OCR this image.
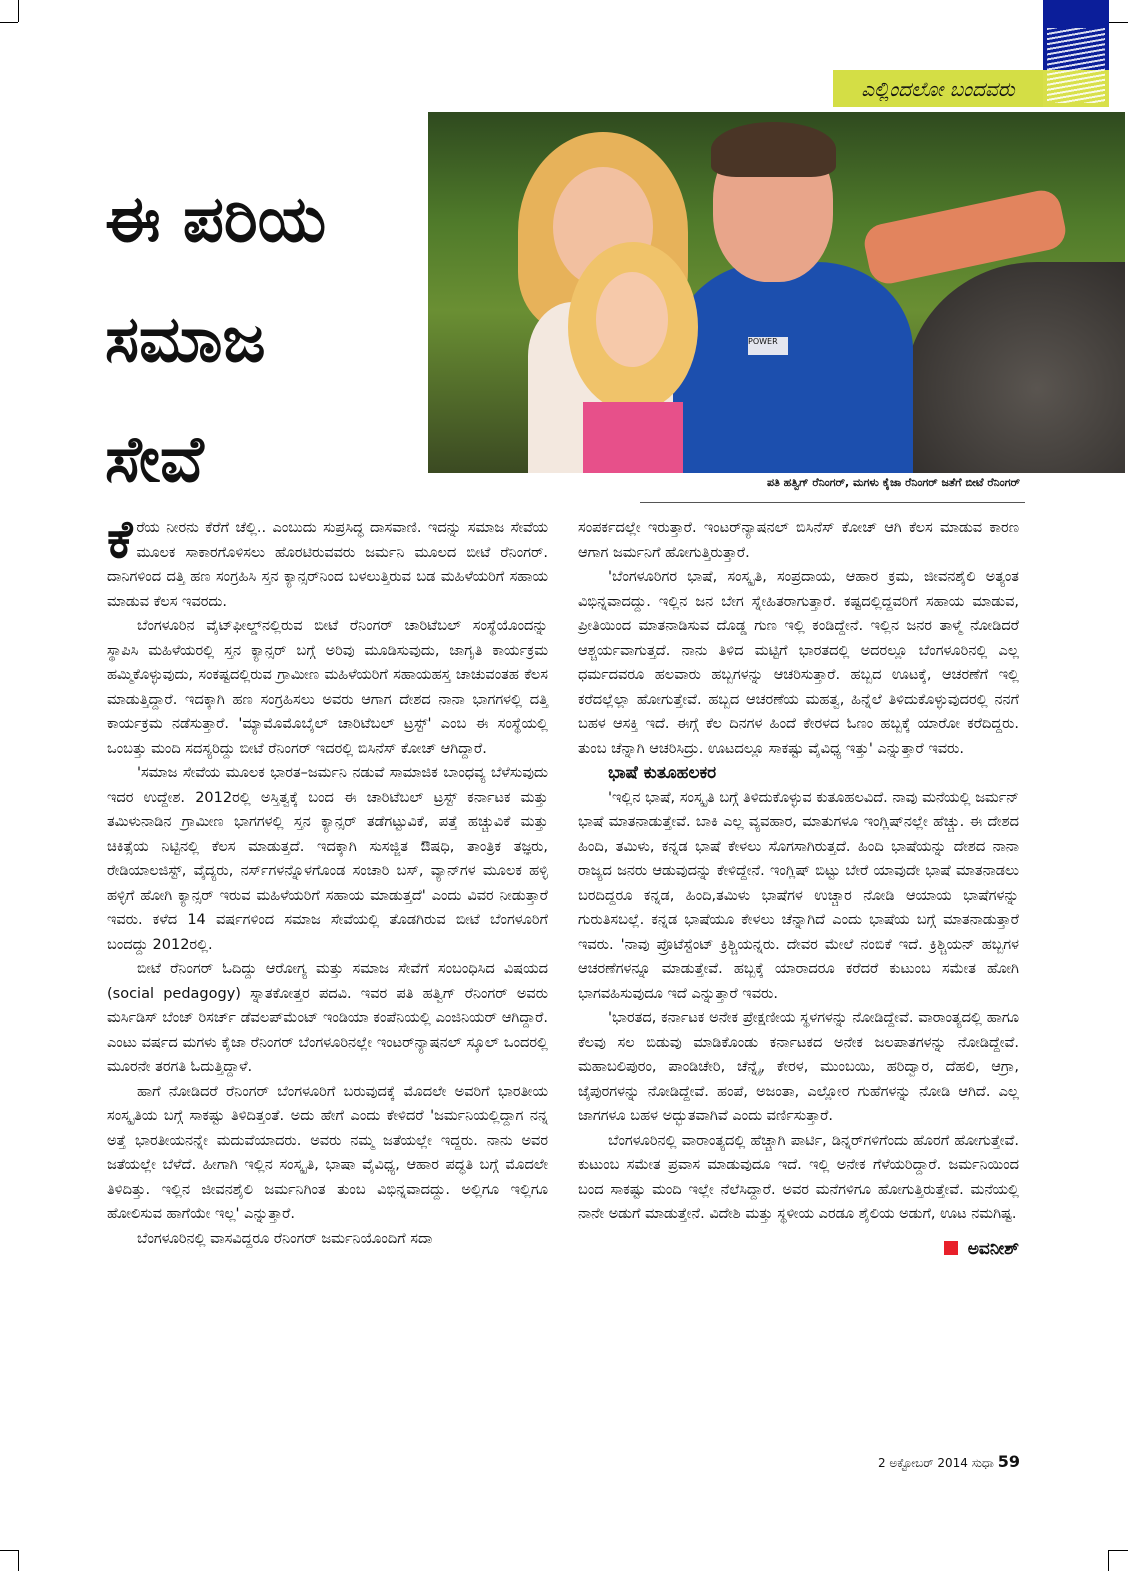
ಎಲ್ಲಿಂದಲೋ ಬಂದವರು
ಈ ಪರಿಯ
ಸಮಾಜ
ಸೇವೆ
POWER
ಪತಿ ಹತ್ವಿಗ್ ರೆನಿಂಗರ್, ಮಗಳು ಕೈಜಾ ರೆನಿಂಗರ್ ಜತೆಗೆ ಬೀಟೆ ರೆನಿಂಗರ್

ಕೆರೆಯ ನೀರನು ಕೆರೆಗೆ ಚೆಲ್ಲಿ.. ಎಂಬುದು ಸುಪ್ರಸಿದ್ಧ ದಾಸವಾಣಿ. ಇದನ್ನು ಸಮಾಜ ಸೇವೆಯ ಮೂಲಕ ಸಾಕಾರಗೊಳಿಸಲು ಹೊರಟಿರುವವರು ಜರ್ಮನಿ ಮೂಲದ ಬೀಟೆ ರೆನಿಂಗರ್. ದಾನಿಗಳಿಂದ ದತ್ತಿ ಹಣ ಸಂಗ್ರಹಿಸಿ ಸ್ತನ ಕ್ಯಾನ್ಸರ್‌ನಿಂದ ಬಳಲುತ್ತಿರುವ ಬಡ ಮಹಿಳೆಯರಿಗೆ ಸಹಾಯ ಮಾಡುವ ಕೆಲಸ ಇವರದು.

ಬೆಂಗಳೂರಿನ ವೈಟ್‌ಫೀಲ್ಡ್‌ನಲ್ಲಿರುವ ಬೀಟೆ ರೆನಿಂಗರ್ ಚಾರಿಟೆಬಲ್ ಸಂಸ್ಥೆಯೊಂದನ್ನು ಸ್ಥಾಪಿಸಿ ಮಹಿಳೆಯರಲ್ಲಿ ಸ್ತನ ಕ್ಯಾನ್ಸರ್ ಬಗ್ಗೆ ಅರಿವು ಮೂಡಿಸುವುದು, ಜಾಗೃತಿ ಕಾರ್ಯಕ್ರಮ ಹಮ್ಮಿಕೊಳ್ಳುವುದು, ಸಂಕಷ್ಟದಲ್ಲಿರುವ ಗ್ರಾಮೀಣ ಮಹಿಳೆಯರಿಗೆ ಸಹಾಯಹಸ್ತ ಚಾಚುವಂತಹ ಕೆಲಸ ಮಾಡುತ್ತಿದ್ದಾರೆ. ಇದಕ್ಕಾಗಿ ಹಣ ಸಂಗ್ರಹಿಸಲು ಅವರು ಆಗಾಗ ದೇಶದ ನಾನಾ ಭಾಗಗಳಲ್ಲಿ ದತ್ತಿ ಕಾರ್ಯಕ್ರಮ ನಡೆಸುತ್ತಾರೆ. 'ಮ್ಯಾಮೊಮೊಬೈಲ್ ಚಾರಿಟೆಬಲ್ ಟ್ರಸ್ಟ್' ಎಂಬ ಈ ಸಂಸ್ಥೆಯಲ್ಲಿ ಒಂಬತ್ತು ಮಂದಿ ಸದಸ್ಯರಿದ್ದು ಬೀಟೆ ರೆನಿಂಗರ್ ಇದರಲ್ಲಿ ಬಿಸಿನೆಸ್ ಕೋಚ್ ಆಗಿದ್ದಾರೆ.

'ಸಮಾಜ ಸೇವೆಯ ಮೂಲಕ ಭಾರತ–ಜರ್ಮನಿ ನಡುವೆ ಸಾಮಾಜಿಕ ಬಾಂಧವ್ಯ ಬೆಳೆಸುವುದು ಇದರ ಉದ್ದೇಶ. 2012ರಲ್ಲಿ ಅಸ್ತಿತ್ವಕ್ಕೆ ಬಂದ ಈ ಚಾರಿಟೆಬಲ್ ಟ್ರಸ್ಟ್ ಕರ್ನಾಟಕ ಮತ್ತು ತಮಿಳುನಾಡಿನ ಗ್ರಾಮೀಣ ಭಾಗಗಳಲ್ಲಿ ಸ್ತನ ಕ್ಯಾನ್ಸರ್ ತಡೆಗಟ್ಟುವಿಕೆ, ಪತ್ತೆ ಹಚ್ಚುವಿಕೆ ಮತ್ತು ಚಿಕಿತ್ಸೆಯ ನಿಟ್ಟಿನಲ್ಲಿ ಕೆಲಸ ಮಾಡುತ್ತದೆ. ಇದಕ್ಕಾಗಿ ಸುಸಜ್ಜಿತ ಔಷಧಿ, ತಾಂತ್ರಿಕ ತಜ್ಞರು, ರೇಡಿಯಾಲಜಿಸ್ಟ್, ವೈದ್ಯರು, ನರ್ಸ್‌ಗಳನ್ನೊಳಗೊಂಡ ಸಂಚಾರಿ ಬಸ್, ವ್ಯಾನ್‌ಗಳ ಮೂಲಕ ಹಳ್ಳಿ ಹಳ್ಳಿಗೆ ಹೋಗಿ ಕ್ಯಾನ್ಸರ್ ಇರುವ ಮಹಿಳೆಯರಿಗೆ ಸಹಾಯ ಮಾಡುತ್ತದೆ' ಎಂದು ವಿವರ ನೀಡುತ್ತಾರೆ ಇವರು. ಕಳೆದ 14 ವರ್ಷಗಳಿಂದ ಸಮಾಜ ಸೇವೆಯಲ್ಲಿ ತೊಡಗಿರುವ ಬೀಟೆ ಬೆಂಗಳೂರಿಗೆ ಬಂದದ್ದು 2012ರಲ್ಲಿ.

ಬೀಟೆ ರೆನಿಂಗರ್ ಓದಿದ್ದು ಆರೋಗ್ಯ ಮತ್ತು ಸಮಾಜ ಸೇವೆಗೆ ಸಂಬಂಧಿಸಿದ ವಿಷಯದ (social pedagogy) ಸ್ನಾತಕೋತ್ತರ ಪದವಿ. ಇವರ ಪತಿ ಹತ್ವಿಗ್ ರೆನಿಂಗರ್ ಅವರು ಮರ್ಸಿಡಿಸ್ ಬೆಂಜ್ ರಿಸರ್ಚ್ ಡೆವಲಪ್‌ಮೆಂಟ್ ಇಂಡಿಯಾ ಕಂಪೆನಿಯಲ್ಲಿ ಎಂಜಿನಿಯರ್ ಆಗಿದ್ದಾರೆ. ಎಂಟು ವರ್ಷದ ಮಗಳು ಕೈಜಾ ರೆನಿಂಗರ್ ಬೆಂಗಳೂರಿನಲ್ಲೇ ಇಂಟರ್‌ನ್ಯಾಷನಲ್ ಸ್ಕೂಲ್ ಒಂದರಲ್ಲಿ ಮೂರನೇ ತರಗತಿ ಓದುತ್ತಿದ್ದಾಳೆ.

ಹಾಗೆ ನೋಡಿದರೆ ರೆನಿಂಗರ್ ಬೆಂಗಳೂರಿಗೆ ಬರುವುದಕ್ಕೆ ಮೊದಲೇ ಅವರಿಗೆ ಭಾರತೀಯ ಸಂಸ್ಕೃತಿಯ ಬಗ್ಗೆ ಸಾಕಷ್ಟು ತಿಳಿದಿತ್ತಂತೆ. ಅದು ಹೇಗೆ ಎಂದು ಕೇಳಿದರೆ 'ಜರ್ಮನಿಯಲ್ಲಿದ್ದಾಗ ನನ್ನ ಅತ್ತೆ ಭಾರತೀಯನನ್ನೇ ಮದುವೆಯಾದರು. ಅವರು ನಮ್ಮ ಜತೆಯಲ್ಲೇ ಇದ್ದರು. ನಾನು ಅವರ ಜತೆಯಲ್ಲೇ ಬೆಳೆದೆ. ಹೀಗಾಗಿ ಇಲ್ಲಿನ ಸಂಸ್ಕೃತಿ, ಭಾಷಾ ವೈವಿಧ್ಯ, ಆಹಾರ ಪದ್ಧತಿ ಬಗ್ಗೆ ಮೊದಲೇ ತಿಳಿದಿತ್ತು. ಇಲ್ಲಿನ ಜೀವನಶೈಲಿ ಜರ್ಮನಿಗಿಂತ ತುಂಬ ವಿಭಿನ್ನವಾದದ್ದು. ಅಲ್ಲಿಗೂ ಇಲ್ಲಿಗೂ ಹೋಲಿಸುವ ಹಾಗೆಯೇ ಇಲ್ಲ' ಎನ್ನುತ್ತಾರೆ.

ಬೆಂಗಳೂರಿನಲ್ಲಿ ವಾಸವಿದ್ದರೂ ರೆನಿಂಗರ್ ಜರ್ಮನಿಯೊಂದಿಗೆ ಸದಾ

ಸಂಪರ್ಕದಲ್ಲೇ ಇರುತ್ತಾರೆ. ಇಂಟರ್‌ನ್ಯಾಷನಲ್ ಬಿಸಿನೆಸ್ ಕೋಚ್ ಆಗಿ ಕೆಲಸ ಮಾಡುವ ಕಾರಣ ಆಗಾಗ ಜರ್ಮನಿಗೆ ಹೋಗುತ್ತಿರುತ್ತಾರೆ.

'ಬೆಂಗಳೂರಿಗರ ಭಾಷೆ, ಸಂಸ್ಕೃತಿ, ಸಂಪ್ರದಾಯ, ಆಹಾರ ಕ್ರಮ, ಜೀವನಶೈಲಿ ಅತ್ಯಂತ ವಿಭಿನ್ನವಾದದ್ದು. ಇಲ್ಲಿನ ಜನ ಬೇಗ ಸ್ನೇಹಿತರಾಗುತ್ತಾರೆ. ಕಷ್ಟದಲ್ಲಿದ್ದವರಿಗೆ ಸಹಾಯ ಮಾಡುವ, ಪ್ರೀತಿಯಿಂದ ಮಾತನಾಡಿಸುವ ದೊಡ್ಡ ಗುಣ ಇಲ್ಲಿ ಕಂಡಿದ್ದೇನೆ. ಇಲ್ಲಿನ ಜನರ ತಾಳ್ಮೆ ನೋಡಿದರೆ ಆಶ್ಚರ್ಯವಾಗುತ್ತದೆ. ನಾನು ತಿಳಿದ ಮಟ್ಟಿಗೆ ಭಾರತದಲ್ಲಿ ಅದರಲ್ಲೂ ಬೆಂಗಳೂರಿನಲ್ಲಿ ಎಲ್ಲ ಧರ್ಮದವರೂ ಹಲವಾರು ಹಬ್ಬಗಳನ್ನು ಆಚರಿಸುತ್ತಾರೆ. ಹಬ್ಬದ ಊಟಕ್ಕೆ, ಆಚರಣೆಗೆ ಇಲ್ಲಿ ಕರೆದಲ್ಲೆಲ್ಲಾ ಹೋಗುತ್ತೇವೆ. ಹಬ್ಬದ ಆಚರಣೆಯ ಮಹತ್ವ, ಹಿನ್ನೆಲೆ ತಿಳಿದುಕೊಳ್ಳುವುದರಲ್ಲಿ ನನಗೆ ಬಹಳ ಆಸಕ್ತಿ ಇದೆ. ಈಗ್ಗೆ ಕೆಲ ದಿನಗಳ ಹಿಂದೆ ಕೇರಳದ ಓಣಂ ಹಬ್ಬಕ್ಕೆ ಯಾರೋ ಕರೆದಿದ್ದರು. ತುಂಬ ಚೆನ್ನಾಗಿ ಆಚರಿಸಿದ್ರು. ಊಟದಲ್ಲೂ ಸಾಕಷ್ಟು ವೈವಿಧ್ಯ ಇತ್ತು' ಎನ್ನುತ್ತಾರೆ ಇವರು.

ಭಾಷೆ ಕುತೂಹಲಕರ

'ಇಲ್ಲಿನ ಭಾಷೆ, ಸಂಸ್ಕೃತಿ ಬಗ್ಗೆ ತಿಳಿದುಕೊಳ್ಳುವ ಕುತೂಹಲವಿದೆ. ನಾವು ಮನೆಯಲ್ಲಿ ಜರ್ಮನ್ ಭಾಷೆ ಮಾತನಾಡುತ್ತೇವೆ. ಬಾಕಿ ಎಲ್ಲ ವ್ಯವಹಾರ, ಮಾತುಗಳೂ ಇಂಗ್ಲಿಷ್‌ನಲ್ಲೇ ಹೆಚ್ಚು. ಈ ದೇಶದ ಹಿಂದಿ, ತಮಿಳು, ಕನ್ನಡ ಭಾಷೆ ಕೇಳಲು ಸೊಗಸಾಗಿರುತ್ತದೆ. ಹಿಂದಿ ಭಾಷೆಯನ್ನು ದೇಶದ ನಾನಾ ರಾಜ್ಯದ ಜನರು ಆಡುವುದನ್ನು ಕೇಳಿದ್ದೇನೆ. ಇಂಗ್ಲಿಷ್ ಬಿಟ್ಟು ಬೇರೆ ಯಾವುದೇ ಭಾಷೆ ಮಾತನಾಡಲು ಬರದಿದ್ದರೂ ಕನ್ನಡ, ಹಿಂದಿ,ತಮಿಳು ಭಾಷೆಗಳ ಉಚ್ಚಾರ ನೋಡಿ ಆಯಾಯ ಭಾಷೆಗಳನ್ನು ಗುರುತಿಸಬಲ್ಲೆ. ಕನ್ನಡ ಭಾಷೆಯೂ ಕೇಳಲು ಚೆನ್ನಾಗಿದೆ ಎಂದು ಭಾಷೆಯ ಬಗ್ಗೆ ಮಾತನಾಡುತ್ತಾರೆ ಇವರು. 'ನಾವು ಪ್ರೊಟೆಸ್ಟೆಂಟ್ ಕ್ರಿಶ್ಚಿಯನ್ನರು. ದೇವರ ಮೇಲೆ ನಂಬಿಕೆ ಇದೆ. ಕ್ರಿಶ್ಚಿಯನ್ ಹಬ್ಬಗಳ ಆಚರಣೆಗಳನ್ನೂ ಮಾಡುತ್ತೇವೆ. ಹಬ್ಬಕ್ಕೆ ಯಾರಾದರೂ ಕರೆದರೆ ಕುಟುಂಬ ಸಮೇತ ಹೋಗಿ ಭಾಗವಹಿಸುವುದೂ ಇದೆ ಎನ್ನುತ್ತಾರೆ ಇವರು.

'ಭಾರತದ, ಕರ್ನಾಟಕ ಅನೇಕ ಪ್ರೇಕ್ಷಣೀಯ ಸ್ಥಳಗಳನ್ನು ನೋಡಿದ್ದೇವೆ. ವಾರಾಂತ್ಯದಲ್ಲಿ ಹಾಗೂ ಕೆಲವು ಸಲ ಬಿಡುವು ಮಾಡಿಕೊಂಡು ಕರ್ನಾಟಕದ ಅನೇಕ ಜಲಪಾತಗಳನ್ನು ನೋಡಿದ್ದೇವೆ. ಮಹಾಬಲಿಪುರಂ, ಪಾಂಡಿಚೇರಿ, ಚೆನ್ನೈ, ಕೇರಳ, ಮುಂಬಯಿ, ಹರಿದ್ವಾರ, ದೆಹಲಿ, ಆಗ್ರಾ, ಜೈಪುರಗಳನ್ನು ನೋಡಿದ್ದೇವೆ. ಹಂಪೆ, ಅಜಂತಾ, ಎಲ್ಲೋರ ಗುಹೆಗಳನ್ನು ನೋಡಿ ಆಗಿದೆ. ಎಲ್ಲ ಜಾಗಗಳೂ ಬಹಳ ಅದ್ಭುತವಾಗಿವೆ ಎಂದು ವರ್ಣಿಸುತ್ತಾರೆ.

ಬೆಂಗಳೂರಿನಲ್ಲಿ ವಾರಾಂತ್ಯದಲ್ಲಿ ಹೆಚ್ಚಾಗಿ ಪಾರ್ಟಿ, ಡಿನ್ನರ್‌ಗಳಿಗೆಂದು ಹೊರಗೆ ಹೋಗುತ್ತೇವೆ. ಕುಟುಂಬ ಸಮೇತ ಪ್ರವಾಸ ಮಾಡುವುದೂ ಇದೆ. ಇಲ್ಲಿ ಅನೇಕ ಗೆಳೆಯರಿದ್ದಾರೆ. ಜರ್ಮನಿಯಿಂದ ಬಂದ ಸಾಕಷ್ಟು ಮಂದಿ ಇಲ್ಲೇ ನೆಲೆಸಿದ್ದಾರೆ. ಅವರ ಮನೆಗಳಿಗೂ ಹೋಗುತ್ತಿರುತ್ತೇವೆ. ಮನೆಯಲ್ಲಿ ನಾನೇ ಅಡುಗೆ ಮಾಡುತ್ತೇನೆ. ವಿದೇಶಿ ಮತ್ತು ಸ್ಥಳೀಯ ಎರಡೂ ಶೈಲಿಯ ಅಡುಗೆ, ಊಟ ನಮಗಿಷ್ಟ.

ಅವನೀಶ್
2 ಅಕ್ಟೋಬರ್ 2014 ಸುಧಾ 59
